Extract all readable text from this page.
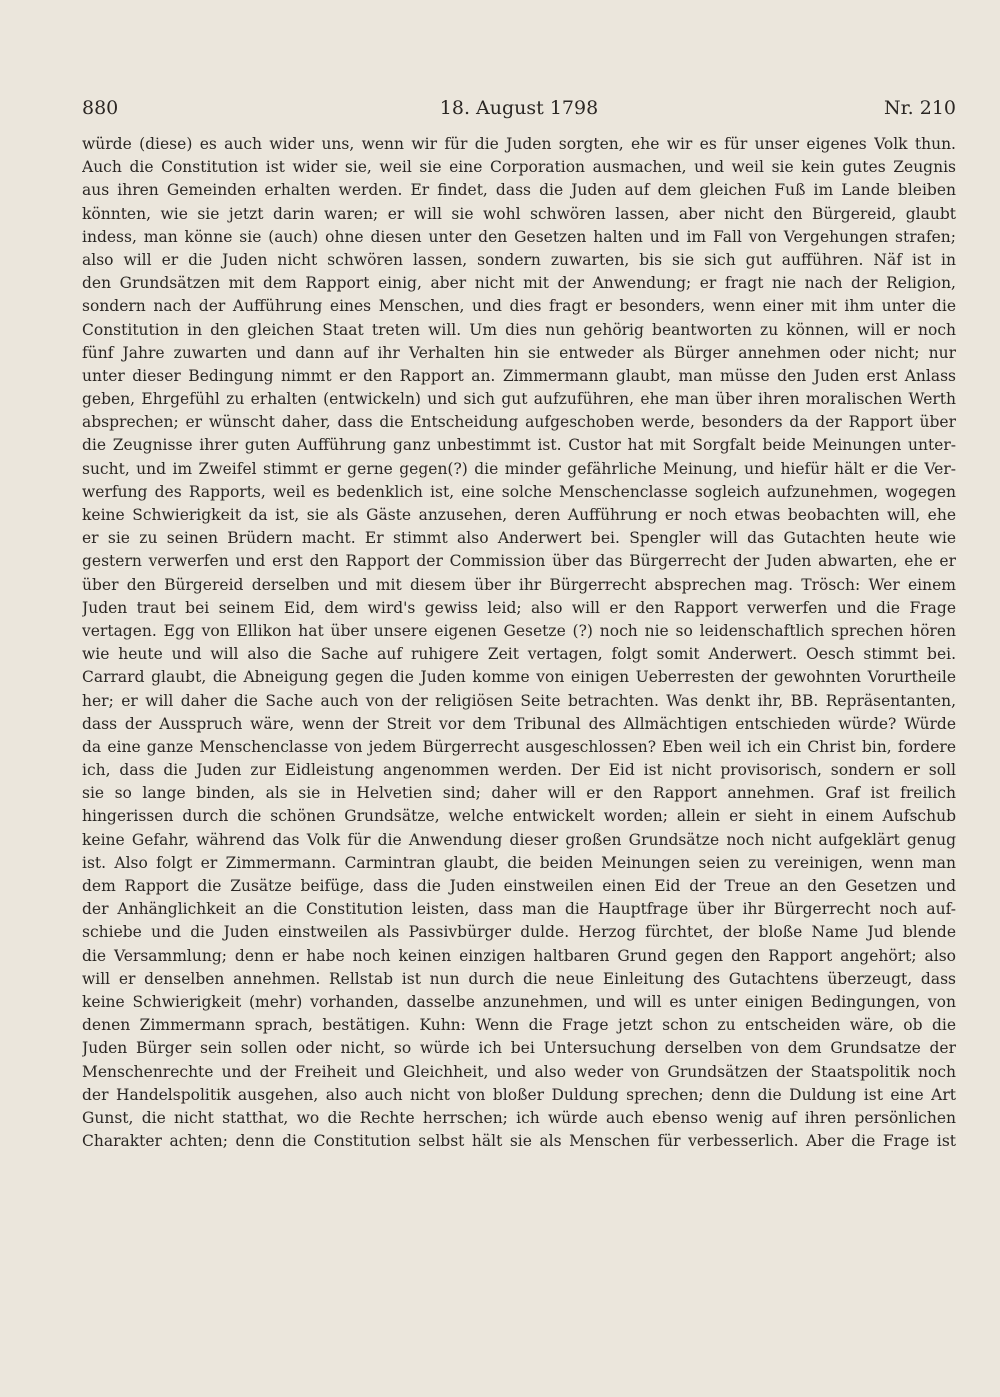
880	18. August 1798	Nr. 210
würde (diese) es auch wider uns, wenn wir für die Juden sorgten, ehe wir es für unser eigenes Volk thun.
Auch die Constitution ist wider sie, weil sie eine Corporation ausmachen, und weil sie kein gutes Zeugnis
aus ihren Gemeinden erhalten werden. Er findet, dass die Juden auf dem gleichen Fuß im Lande bleiben
könnten, wie sie jetzt darin waren; er will sie wohl schwören lassen, aber nicht den Bürgereid, glaubt
indess, man könne sie (auch) ohne diesen unter den Gesetzen halten und im Fall von Vergehungen strafen;
also will er die Juden nicht schwören lassen, sondern zuwarten, bis sie sich gut aufführen. Näf ist in
den Grundsätzen mit dem Rapport einig, aber nicht mit der Anwendung; er fragt nie nach der Religion,
sondern nach der Aufführung eines Menschen, und dies fragt er besonders, wenn einer mit ihm unter die
Constitution in den gleichen Staat treten will. Um dies nun gehörig beantworten zu können, will er noch
fünf Jahre zuwarten und dann auf ihr Verhalten hin sie entweder als Bürger annehmen oder nicht; nur
unter dieser Bedingung nimmt er den Rapport an. Zimmermann glaubt, man müsse den Juden erst Anlass
geben, Ehrgefühl zu erhalten (entwickeln) und sich gut aufzuführen, ehe man über ihren moralischen Werth
absprechen; er wünscht daher, dass die Entscheidung aufgeschoben werde, besonders da der Rapport über
die Zeugnisse ihrer guten Aufführung ganz unbestimmt ist. Custor hat mit Sorgfalt beide Meinungen unter-
sucht, und im Zweifel stimmt er gerne gegen(?) die minder gefährliche Meinung, und hiefür hält er die Ver-
werfung des Rapports, weil es bedenklich ist, eine solche Menschenclasse sogleich aufzunehmen, wogegen
keine Schwierigkeit da ist, sie als Gäste anzusehen, deren Aufführung er noch etwas beobachten will, ehe
er sie zu seinen Brüdern macht. Er stimmt also Anderwert bei. Spengler will das Gutachten heute wie
gestern verwerfen und erst den Rapport der Commission über das Bürgerrecht der Juden abwarten, ehe er
über den Bürgereid derselben und mit diesem über ihr Bürgerrecht absprechen mag. Trösch: Wer einem
Juden traut bei seinem Eid, dem wird's gewiss leid; also will er den Rapport verwerfen und die Frage
vertagen. Egg von Ellikon hat über unsere eigenen Gesetze (?) noch nie so leidenschaftlich sprechen hören
wie heute und will also die Sache auf ruhigere Zeit vertagen, folgt somit Anderwert. Oesch stimmt bei.
Carrard glaubt, die Abneigung gegen die Juden komme von einigen Ueberresten der gewohnten Vorurtheile
her; er will daher die Sache auch von der religiösen Seite betrachten. Was denkt ihr, BB. Repräsentanten,
dass der Ausspruch wäre, wenn der Streit vor dem Tribunal des Allmächtigen entschieden würde? Würde
da eine ganze Menschenclasse von jedem Bürgerrecht ausgeschlossen? Eben weil ich ein Christ bin, fordere
ich, dass die Juden zur Eidleistung angenommen werden. Der Eid ist nicht provisorisch, sondern er soll
sie so lange binden, als sie in Helvetien sind; daher will er den Rapport annehmen. Graf ist freilich
hingerissen durch die schönen Grundsätze, welche entwickelt worden; allein er sieht in einem Aufschub
keine Gefahr, während das Volk für die Anwendung dieser großen Grundsätze noch nicht aufgeklärt genug
ist. Also folgt er Zimmermann. Carmintran glaubt, die beiden Meinungen seien zu vereinigen, wenn man
dem Rapport die Zusätze beifüge, dass die Juden einstweilen einen Eid der Treue an den Gesetzen und
der Anhänglichkeit an die Constitution leisten, dass man die Hauptfrage über ihr Bürgerrecht noch auf-
schiebe und die Juden einstweilen als Passivbürger dulde. Herzog fürchtet, der bloße Name Jud blende
die Versammlung; denn er habe noch keinen einzigen haltbaren Grund gegen den Rapport angehört; also
will er denselben annehmen. Rellstab ist nun durch die neue Einleitung des Gutachtens überzeugt, dass
keine Schwierigkeit (mehr) vorhanden, dasselbe anzunehmen, und will es unter einigen Bedingungen, von
denen Zimmermann sprach, bestätigen. Kuhn: Wenn die Frage jetzt schon zu entscheiden wäre, ob die
Juden Bürger sein sollen oder nicht, so würde ich bei Untersuchung derselben von dem Grundsatze der
Menschenrechte und der Freiheit und Gleichheit, und also weder von Grundsätzen der Staatspolitik noch
der Handelspolitik ausgehen, also auch nicht von bloßer Duldung sprechen; denn die Duldung ist eine Art
Gunst, die nicht statthat, wo die Rechte herrschen; ich würde auch ebenso wenig auf ihren persönlichen
Charakter achten; denn die Constitution selbst hält sie als Menschen für verbesserlich. Aber die Frage ist
